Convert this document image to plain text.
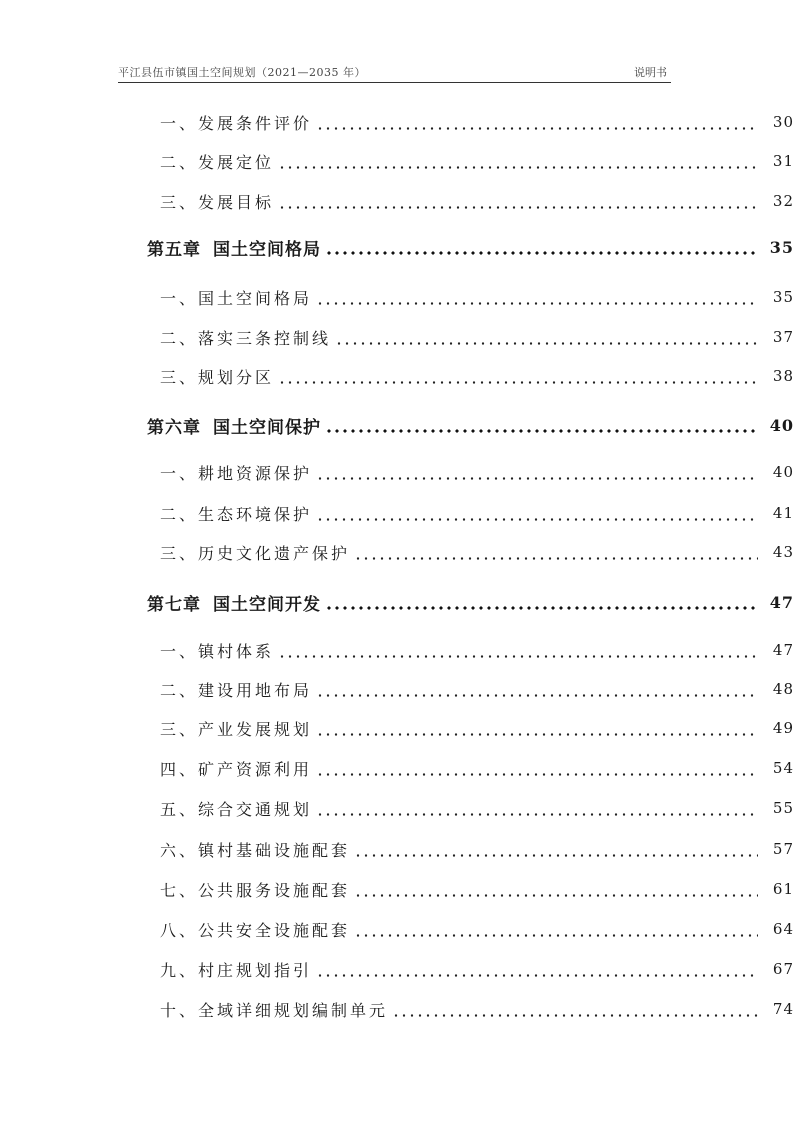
平江县伍市镇国土空间规划（2021—2035 年）	说明书
一、发展条件评价	30
二、发展定位	31
三、发展目标	32
第五章 国土空间格局	35
一、国土空间格局	35
二、落实三条控制线	37
三、规划分区	38
第六章 国土空间保护	40
一、耕地资源保护	40
二、生态环境保护	41
三、历史文化遗产保护	43
第七章 国土空间开发	47
一、镇村体系	47
二、建设用地布局	48
三、产业发展规划	49
四、矿产资源利用	54
五、综合交通规划	55
六、镇村基础设施配套	57
七、公共服务设施配套	61
八、公共安全设施配套	64
九、村庄规划指引	67
十、全域详细规划编制单元	74
